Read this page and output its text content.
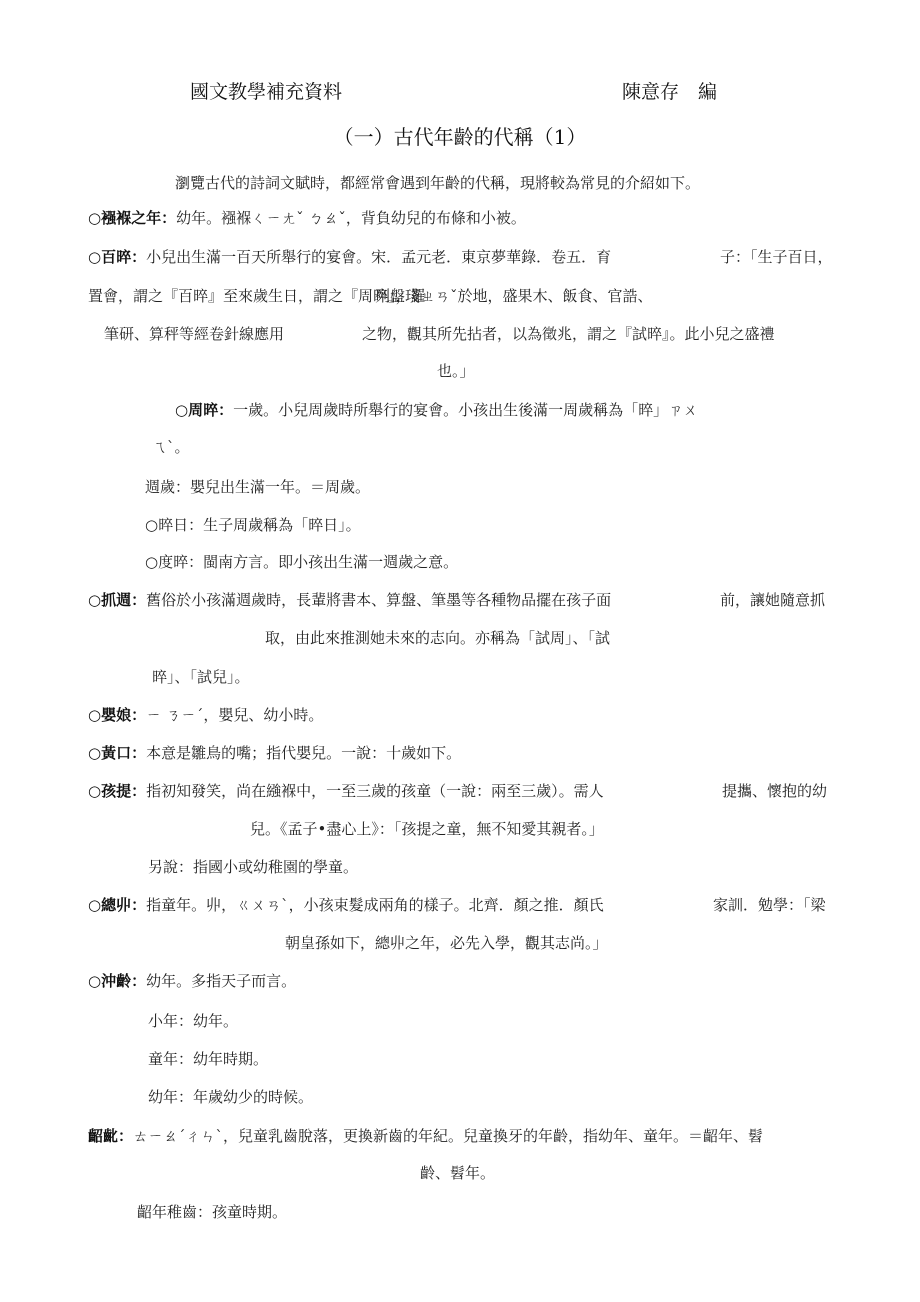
國文教學補充資料	陳意存　編
（一）古代年齡的代稱（1）
瀏覽古代的詩詞文賦時，都經常會遇到年齡的代稱，現將較為常見的介紹如下。
○襁褓之年：幼年。襁褓ㄑㄧㄤˇ ㄅㄠˇ，背負幼兒的布條和小被。
○百晬：小兒出生滿一百天所舉行的宴會。宋．孟元老．東京夢華錄．卷五．育	子：「生子百日，
置會，謂之『百晬』至來歲生日，謂之『周晬』，羅
列盤琖ㄓㄢˇ於地，盛果木、飯食、官誥、
筆研、算秤等經卷針線應用	之物，觀其所先拈者，以為徵兆，謂之『試晬』。此小兒之盛禮
也。」
○周晬：一歲。小兒周歲時所舉行的宴會。小孩出生後滿一周歲稱為「晬」ㄗㄨ
ㄟˋ。
週歲：嬰兒出生滿一年。＝周歲。
○晬日：生子周歲稱為「晬日」。
○度晬：閩南方言。即小孩出生滿一週歲之意。
○抓週：舊俗於小孩滿週歲時，長輩將書本、算盤、筆墨等各種物品擺在孩子面	前，讓她隨意抓
取，由此來推測她未來的志向。亦稱為「試周」、「試
晬」、「試兒」。
○嬰娘：ㄧ ㄋㄧˊ，嬰兒、幼小時。
○黃口：本意是雛鳥的嘴；指代嬰兒。一說：十歲如下。
○孩提：指初知發笑，尚在繈褓中，一至三歲的孩童（一說：兩至三歲）。需人	提攜、懷抱的幼
兒。《孟子•盡心上》：「孩提之童，無不知愛其親者。」
另說：指國小或幼稚園的學童。
○總丱：指童年。丱，ㄍㄨㄢˋ，小孩束髮成兩角的樣子。北齊．顏之推．顏氏	家訓．勉學：「梁
朝皇孫如下，總丱之年，必先入學，觀其志尚。」
○沖齡：幼年。多指天子而言。
小年：幼年。
童年：幼年時期。
幼年：年歲幼少的時候。
齠齔：ㄊㄧㄠˊㄔㄣˋ，兒童乳齒脫落，更換新齒的年紀。兒童換牙的年齡，指幼年、童年。＝齠年、髫
齡、髫年。
齠年稚齒：孩童時期。
